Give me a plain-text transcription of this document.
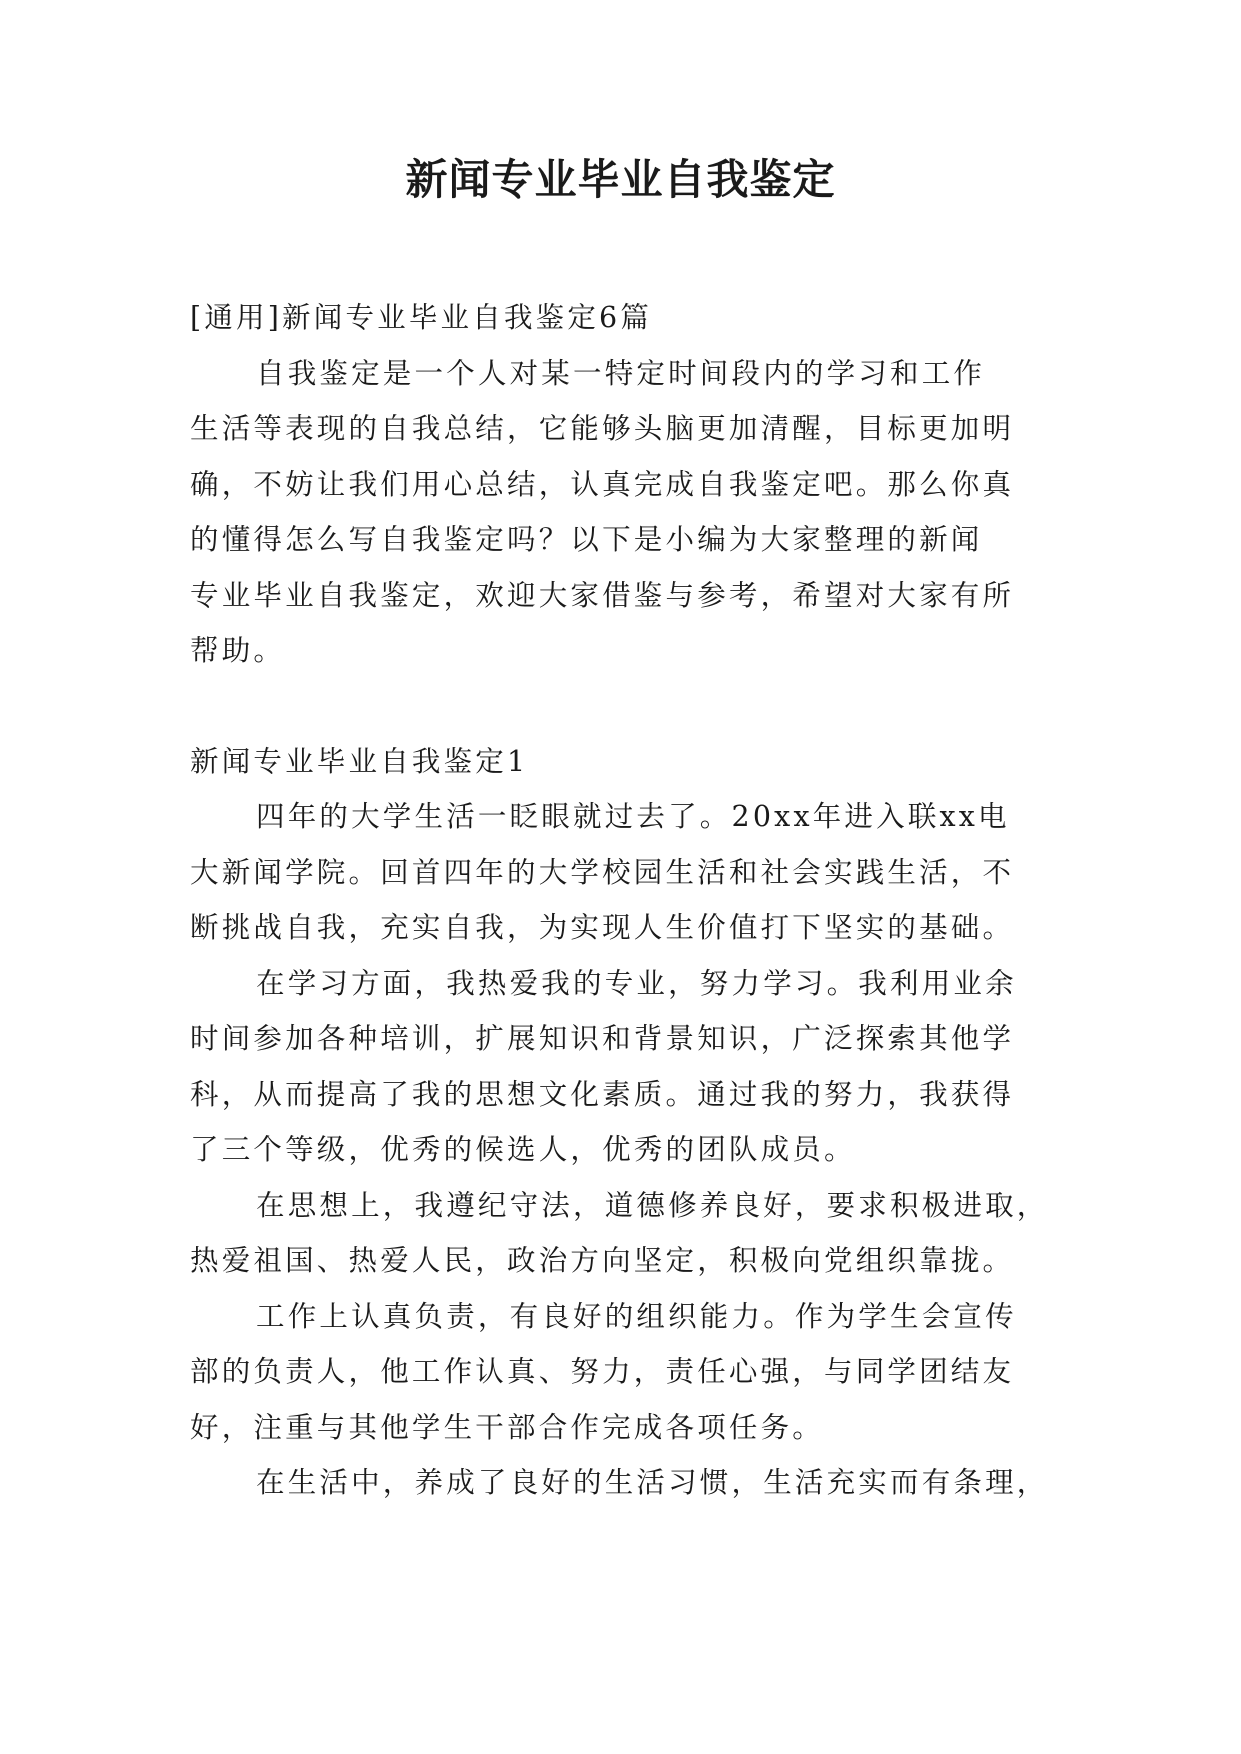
新闻专业毕业自我鉴定

[通用]新闻专业毕业自我鉴定6篇

自我鉴定是一个人对某一特定时间段内的学习和工作

生活等表现的自我总结，它能够头脑更加清醒，目标更加明

确，不妨让我们用心总结，认真完成自我鉴定吧。那么你真

的懂得怎么写自我鉴定吗？以下是小编为大家整理的新闻

专业毕业自我鉴定，欢迎大家借鉴与参考，希望对大家有所

帮助。

新闻专业毕业自我鉴定1

四年的大学生活一眨眼就过去了。20xx年进入联xx电

大新闻学院。回首四年的大学校园生活和社会实践生活，不

断挑战自我，充实自我，为实现人生价值打下坚实的基础。

在学习方面，我热爱我的专业，努力学习。我利用业余

时间参加各种培训，扩展知识和背景知识，广泛探索其他学

科，从而提高了我的思想文化素质。通过我的努力，我获得

了三个等级，优秀的候选人，优秀的团队成员。

在思想上，我遵纪守法，道德修养良好，要求积极进取，

热爱祖国、热爱人民，政治方向坚定，积极向党组织靠拢。

工作上认真负责，有良好的组织能力。作为学生会宣传

部的负责人，他工作认真、努力，责任心强，与同学团结友

好，注重与其他学生干部合作完成各项任务。

在生活中，养成了良好的生活习惯，生活充实而有条理，
